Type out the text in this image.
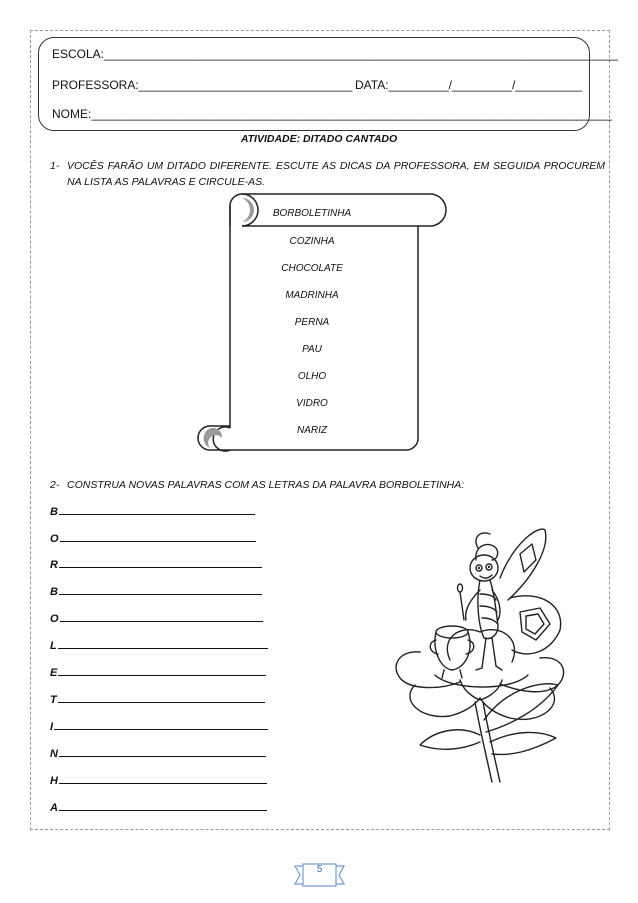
ESCOLA:_____________________________________________________________________________
PROFESSORA:________________________________ DATA:_________/_________/__________
NOME:______________________________________________________________________________
ATIVIDADE: DITADO CANTADO
1- VOCÊS FARÃO UM DITADO DIFERENTE. ESCUTE AS DICAS DA PROFESSORA, EM SEGUIDA PROCUREM NA LISTA AS PALAVRAS E CIRCULE-AS.
BORBOLETINHA
COZINHA
CHOCOLATE
MADRINHA
PERNA
PAU
OLHO
VIDRO
NARIZ
2- CONSTRUA NOVAS PALAVRAS COM AS LETRAS DA PALAVRA BORBOLETINHA:
B
O
R
B
O
L
E
T
I
N
H
A
5
